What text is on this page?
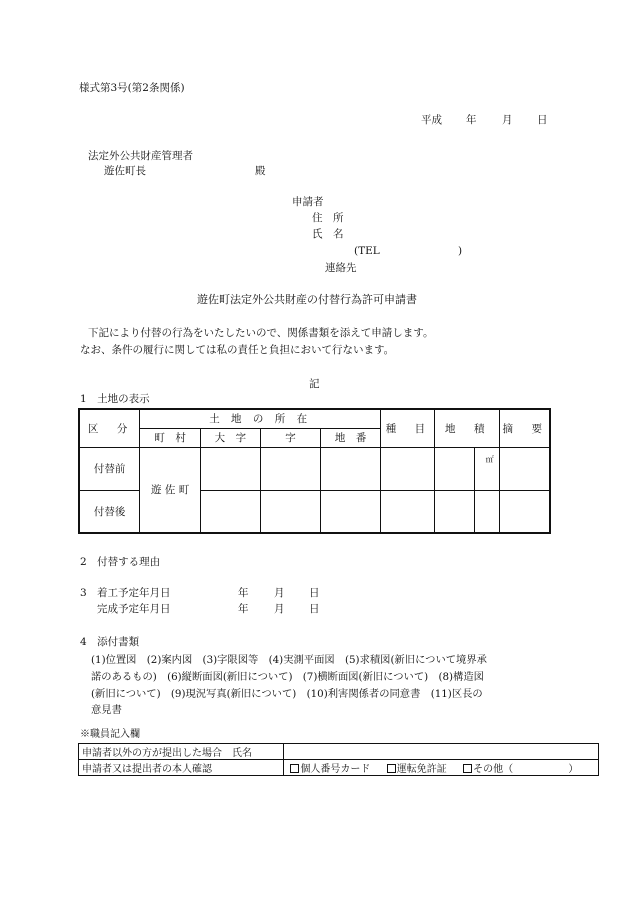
様式第3号(第2条関係)
平成 年 月 日
法定外公共財産管理者
遊佐町長	殿
申請者
住　所
氏　名
(TEL	)
連絡先
遊佐町法定外公共財産の付替行為許可申請書
下記により付替の行為をいたしたいので、関係書類を添えて申請します。
なお、条件の履行に関しては私の責任と負担において行ないます。
記
1　土地の表示
区　分	土 地 の 所 在				種　目	地　積		摘　要
	町　村	大　字	字	地　番				
付替前	遊 佐 町						㎡	

付替後								
2　付替する理由
3 着工予定年月日	年 月 日
完成予定年月日	年 月 日
4　添付書類
(1)位置図　(2)案内図　(3)字限図等　(4)実測平面図　(5)求積図(新旧について境界承
諾のあるもの)　(6)縦断面図(新旧について)　(7)横断面図(新旧について)　(8)構造図
(新旧について)　(9)現況写真(新旧について)　(10)利害関係者の同意書　(11)区長の
意見書
※職員記入欄
申請者以外の方が提出した場合　氏名	
申請者又は提出者の本人確認	個人番号カード 運転免許証 その他（ ）
